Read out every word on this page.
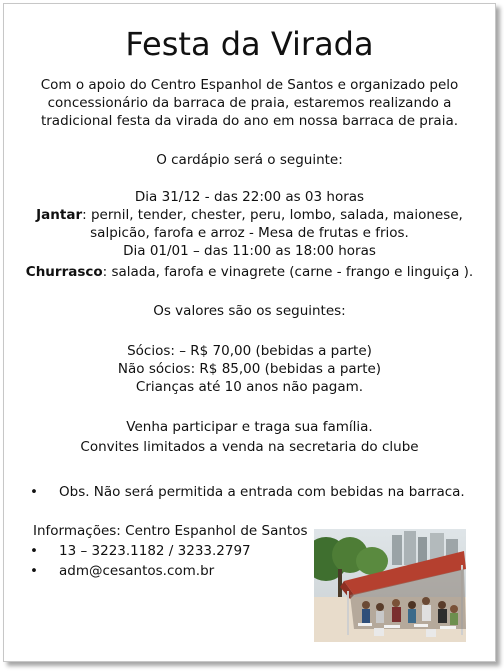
Festa da Virada
Com o apoio do Centro Espanhol de Santos e organizado pelo
concessionário da barraca de praia, estaremos realizando a
tradicional festa da virada do ano em nossa barraca de praia.
O cardápio será o seguinte:
Dia 31/12 - das 22:00 as 03 horas
Jantar: pernil, tender, chester, peru, lombo, salada, maionese,
salpicão, farofa e arroz - Mesa de frutas e frios.
Dia 01/01 – das 11:00 as 18:00 horas
Churrasco: salada, farofa e vinagrete (carne - frango e linguiça ).
Os valores são os seguintes:
Sócios: – R$ 70,00 (bebidas a parte)
Não sócios: R$ 85,00 (bebidas a parte)
Crianças até 10 anos não pagam.
Venha participar e traga sua família.
Convites limitados a venda na secretaria do clube
• Obs. Não será permitida a entrada com bebidas na barraca.
Informações: Centro Espanhol de Santos
• 13 – 3223.1182 / 3233.2797
• adm@cesantos.com.br
